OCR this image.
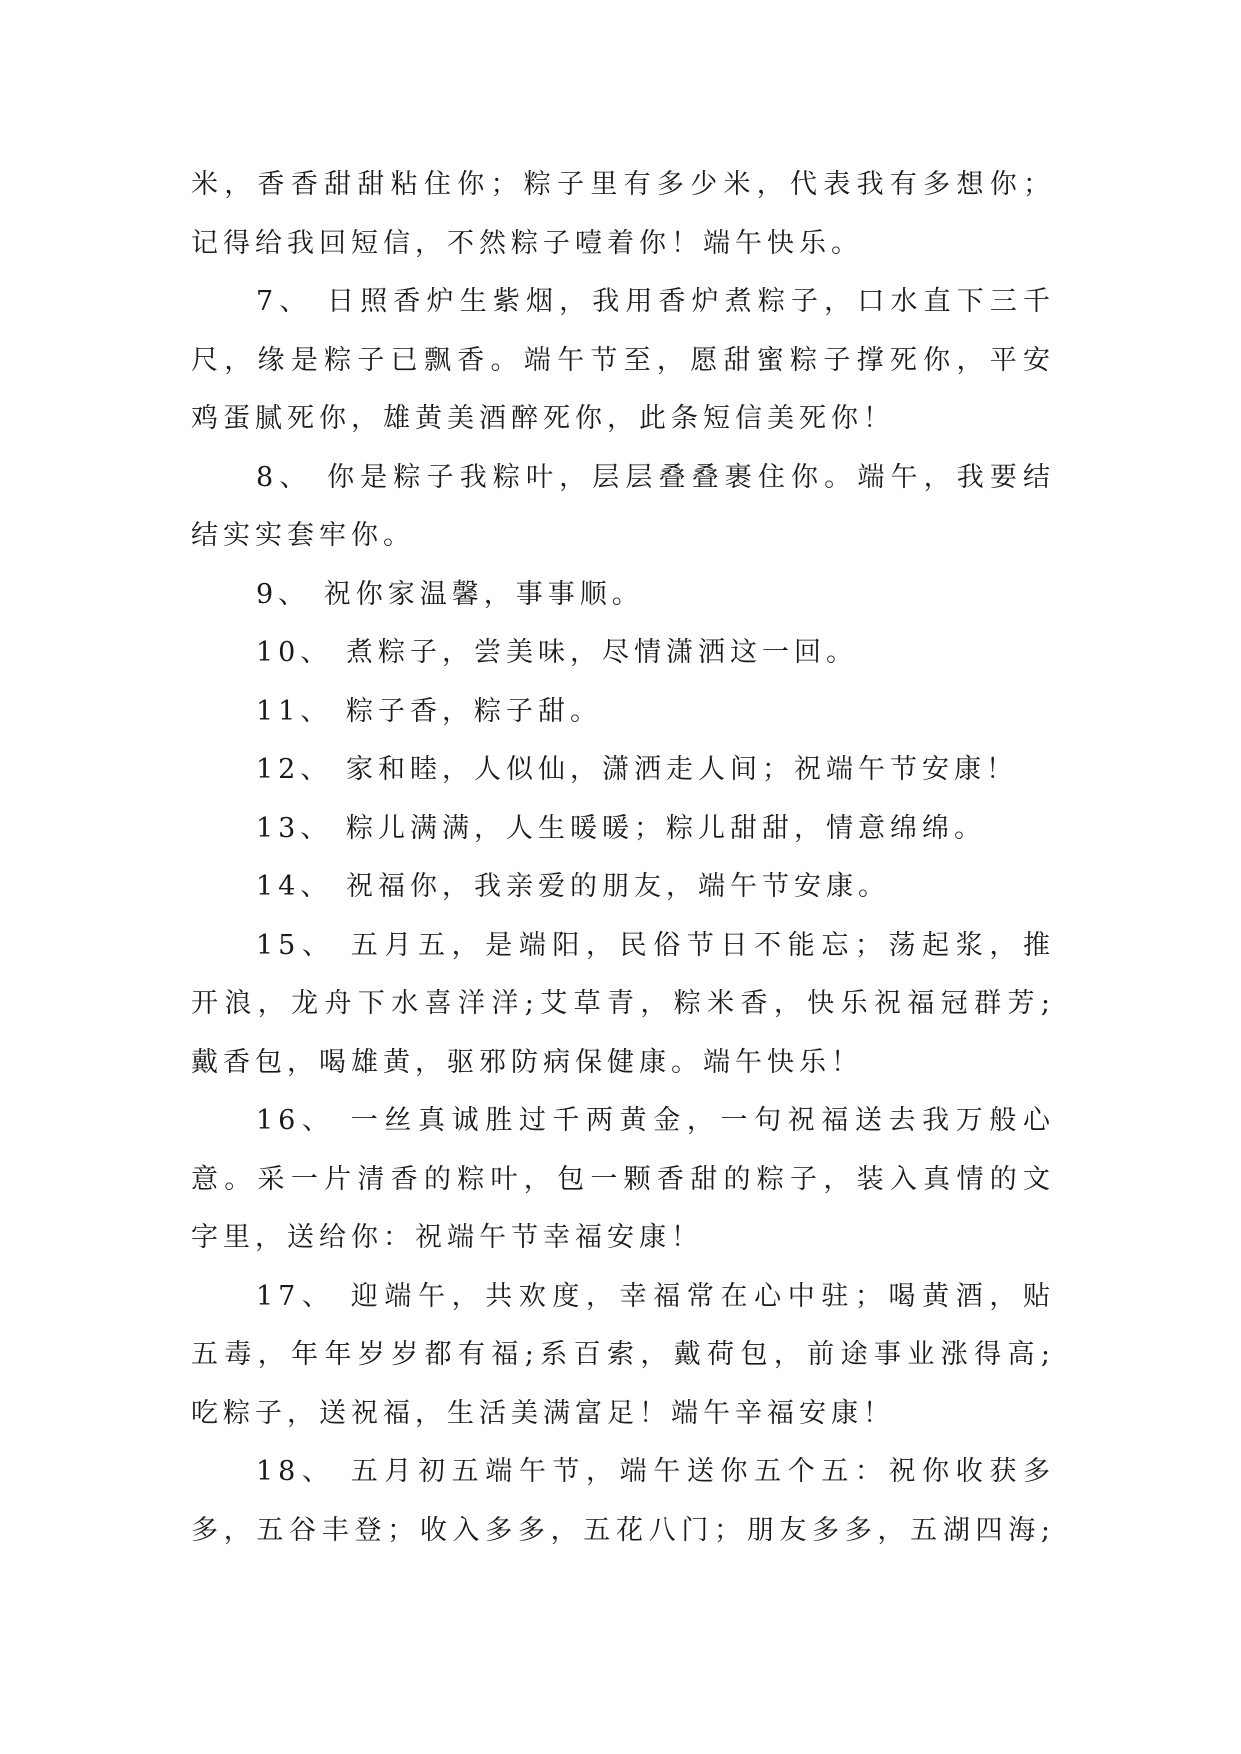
米，香香甜甜粘住你；粽子里有多少米，代表我有多想你；
记得给我回短信，不然粽子噎着你！端午快乐。
7、 日照香炉生紫烟，我用香炉煮粽子，口水直下三千
尺，缘是粽子已飘香。端午节至，愿甜蜜粽子撑死你，平安
鸡蛋腻死你，雄黄美酒醉死你，此条短信美死你！
8、 你是粽子我粽叶，层层叠叠裹住你。端午，我要结
结实实套牢你。
9、 祝你家温馨，事事顺。
10、 煮粽子，尝美味，尽情潇洒这一回。
11、 粽子香，粽子甜。
12、 家和睦，人似仙，潇洒走人间；祝端午节安康！
13、 粽儿满满，人生暖暖；粽儿甜甜，情意绵绵。
14、 祝福你，我亲爱的朋友，端午节安康。
15、 五月五，是端阳，民俗节日不能忘；荡起浆，推
开浪，龙舟下水喜洋洋;艾草青，粽米香，快乐祝福冠群芳;
戴香包，喝雄黄，驱邪防病保健康。端午快乐！
16、 一丝真诚胜过千两黄金，一句祝福送去我万般心
意。采一片清香的粽叶，包一颗香甜的粽子，装入真情的文
字里，送给你：祝端午节幸福安康！
17、 迎端午，共欢度，幸福常在心中驻；喝黄酒，贴
五毒，年年岁岁都有福;系百索，戴荷包，前途事业涨得高;
吃粽子，送祝福，生活美满富足！端午辛福安康！
18、 五月初五端午节，端午送你五个五：祝你收获多
多，五谷丰登；收入多多，五花八门；朋友多多，五湖四海;
